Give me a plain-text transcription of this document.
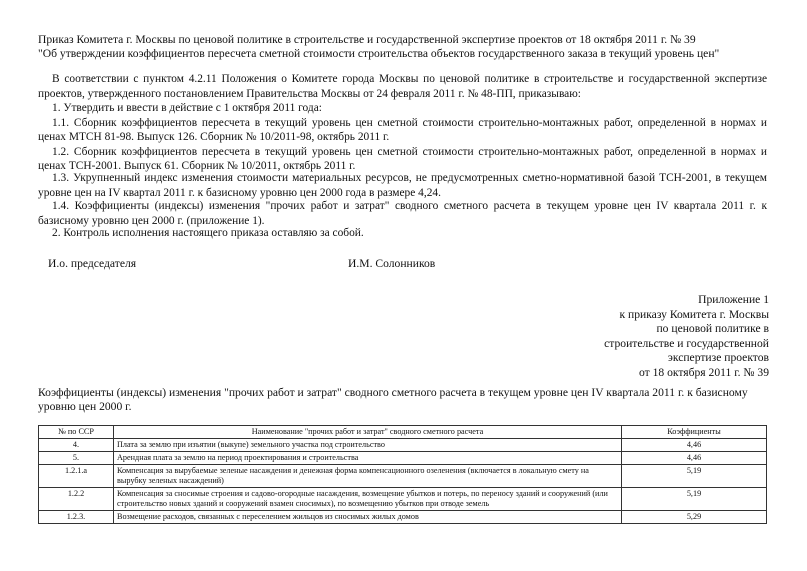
Приказ Комитета г. Москвы по ценовой политике в строительстве и государственной экспертизе проектов от 18 октября 2011 г. № 39
"Об утверждении коэффициентов пересчета сметной стоимости строительства объектов государственного заказа в текущий уровень цен"
В соответствии с пунктом 4.2.11 Положения о Комитете города Москвы по ценовой политике в строительстве и государственной экспертизе проектов, утвержденного постановлением Правительства Москвы от 24 февраля 2011 г. № 48-ПП, приказываю:
1. Утвердить и ввести в действие с 1 октября 2011 года:
1.1. Сборник коэффициентов пересчета в текущий уровень цен сметной стоимости строительно-монтажных работ, определенной в нормах и ценах МТСН 81-98. Выпуск 126. Сборник № 10/2011-98, октябрь 2011 г.
1.2. Сборник коэффициентов пересчета в текущий уровень цен сметной стоимости строительно-монтажных работ, определенной в нормах и ценах ТСН-2001. Выпуск 61. Сборник № 10/2011, октябрь 2011 г.
1.3. Укрупненный индекс изменения стоимости материальных ресурсов, не предусмотренных сметно-нормативной базой ТСН-2001, в текущем уровне цен на IV квартал 2011 г. к базисному уровню цен 2000 года в размере 4,24.
1.4. Коэффициенты (индексы) изменения "прочих работ и затрат" сводного сметного расчета в текущем уровне цен IV квартала 2011 г. к базисному уровню цен 2000 г. (приложение 1).
2. Контроль исполнения настоящего приказа оставляю за собой.
И.о. председателя	И.М. Солонников
Приложение 1
к приказу Комитета г. Москвы
по ценовой политике в
строительстве и государственной
экспертизе проектов
от 18 октября 2011 г. № 39
Коэффициенты (индексы) изменения "прочих работ и затрат" сводного сметного расчета в текущем уровне цен IV квартала 2011 г. к базисному уровню цен 2000 г.
№ по ССР	Наименование "прочих работ и затрат" сводного сметного расчета	Коэффициенты
4.	Плата за землю при изъятии (выкупе) земельного участка под строительство	4,46
5.	Арендная плата за землю на период проектирования и строительства	4,46
1.2.1.а	Компенсация за вырубаемые зеленые насаждения и денежная форма компенсационного озеленения (включается в локальную смету на вырубку зеленых насаждений)	5,19
1.2.2	Компенсация за сносимые строения и садово-огородные насаждения, возмещение убытков и потерь, по переносу зданий и сооружений (или строительство новых зданий и сооружений взамен сносимых), по возмещению убытков при отводе земель	5,19
1.2.3.	Возмещение расходов, связанных с переселением жильцов из сносимых жилых домов	5,29
